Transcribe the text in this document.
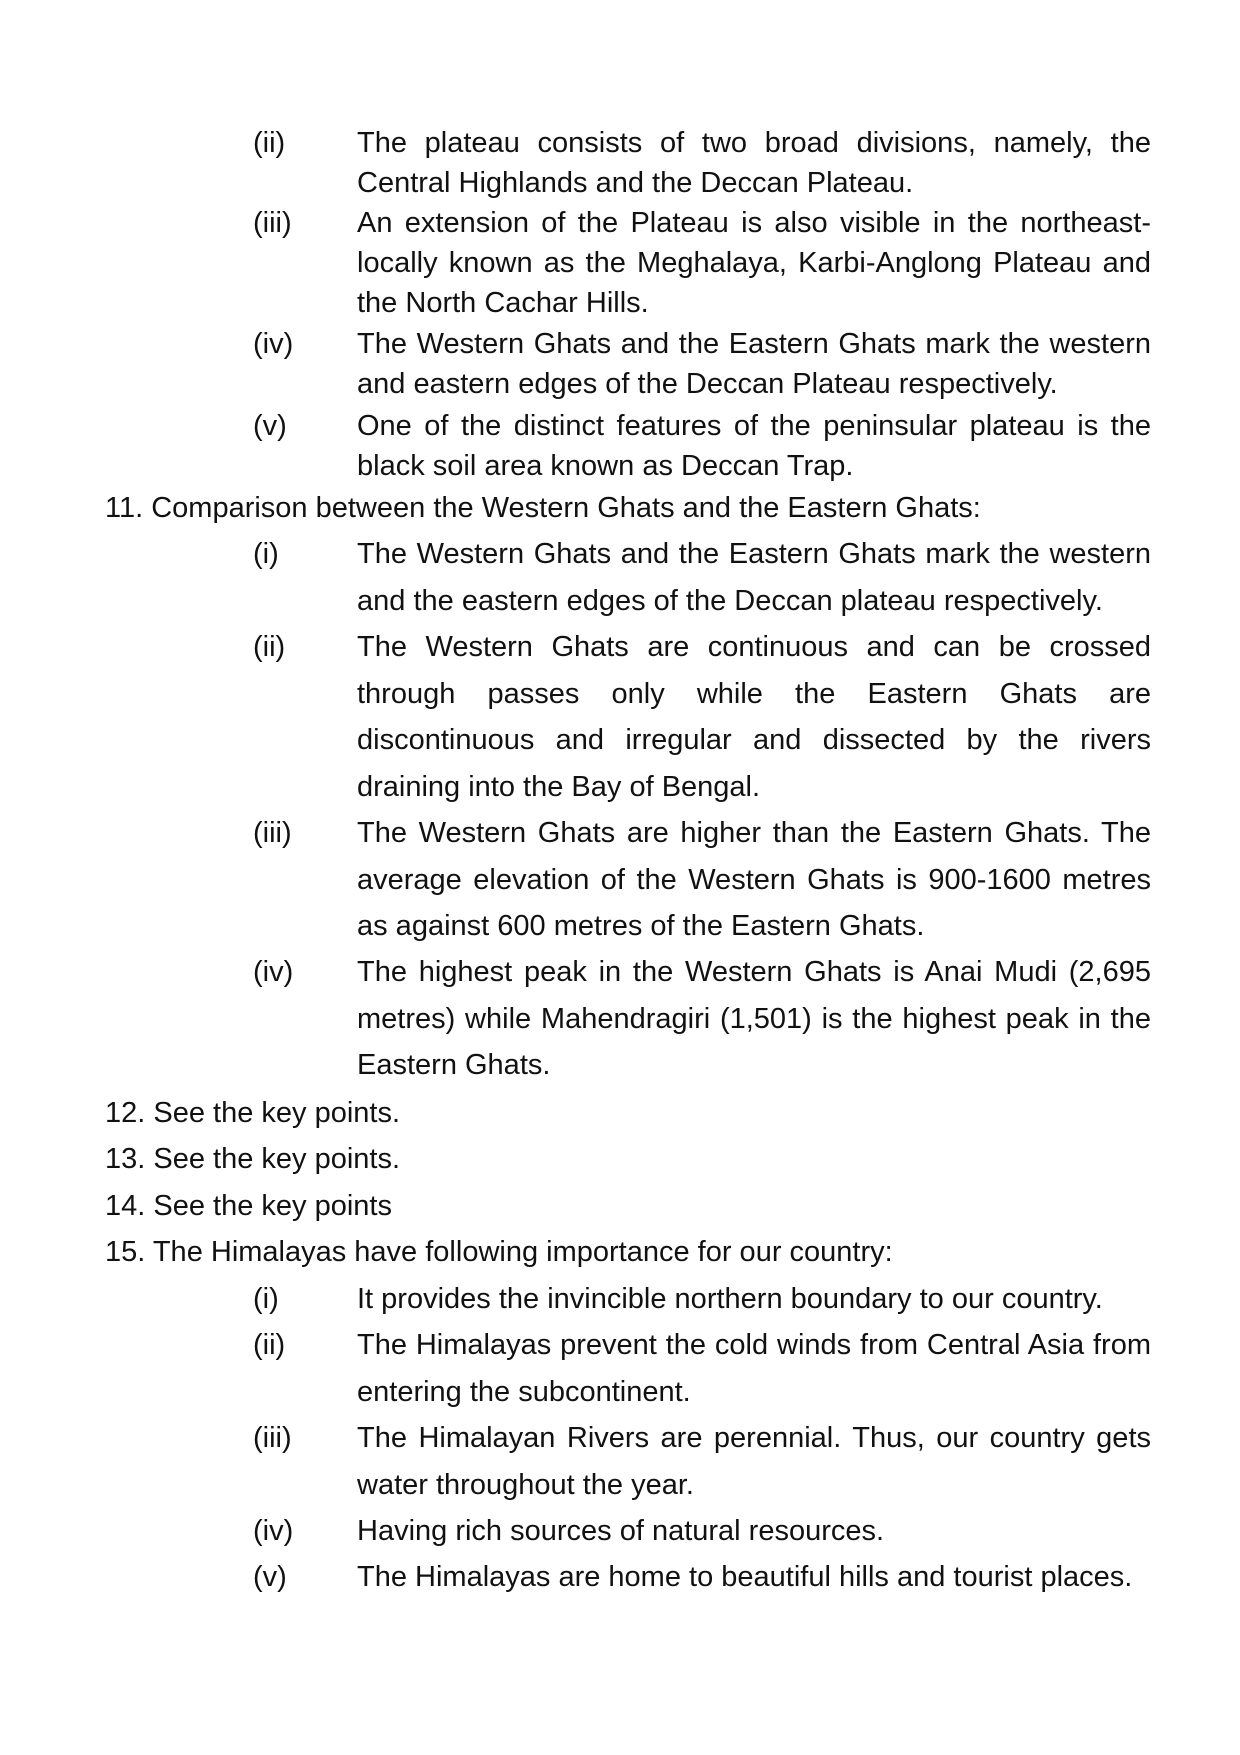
(ii) The plateau consists of two broad divisions, namely, the Central Highlands and the Deccan Plateau.
(iii) An extension of the Plateau is also visible in the northeast- locally known as the Meghalaya, Karbi-Anglong Plateau and the North Cachar Hills.
(iv) The Western Ghats and the Eastern Ghats mark the western and eastern edges of the Deccan Plateau respectively.
(v) One of the distinct features of the peninsular plateau is the black soil area known as Deccan Trap.
11. Comparison between the Western Ghats and the Eastern Ghats:
(i)	The Western Ghats and the Eastern Ghats mark the western and the eastern edges of the Deccan plateau respectively.
(ii) The Western Ghats are continuous and can be crossed through passes only while the Eastern Ghats are discontinuous and irregular and dissected by the rivers draining into the Bay of Bengal.
(iii) The Western Ghats are higher than the Eastern Ghats. The average elevation of the Western Ghats is 900-1600 metres as against 600 metres of the Eastern Ghats.
(iv) The highest peak in the Western Ghats is Anai Mudi (2,695 metres) while Mahendragiri (1,501) is the highest peak in the Eastern Ghats.
12. See the key points.
13. See the key points.
14. See the key points
15. The Himalayas have following importance for our country:
(i)	It provides the invincible northern boundary to our country.
(ii) The Himalayas prevent the cold winds from Central Asia from entering the subcontinent.
(iii) The Himalayan Rivers are perennial. Thus, our country gets water throughout the year.
(iv) Having rich sources of natural resources.
(v) The Himalayas are home to beautiful hills and tourist places.
